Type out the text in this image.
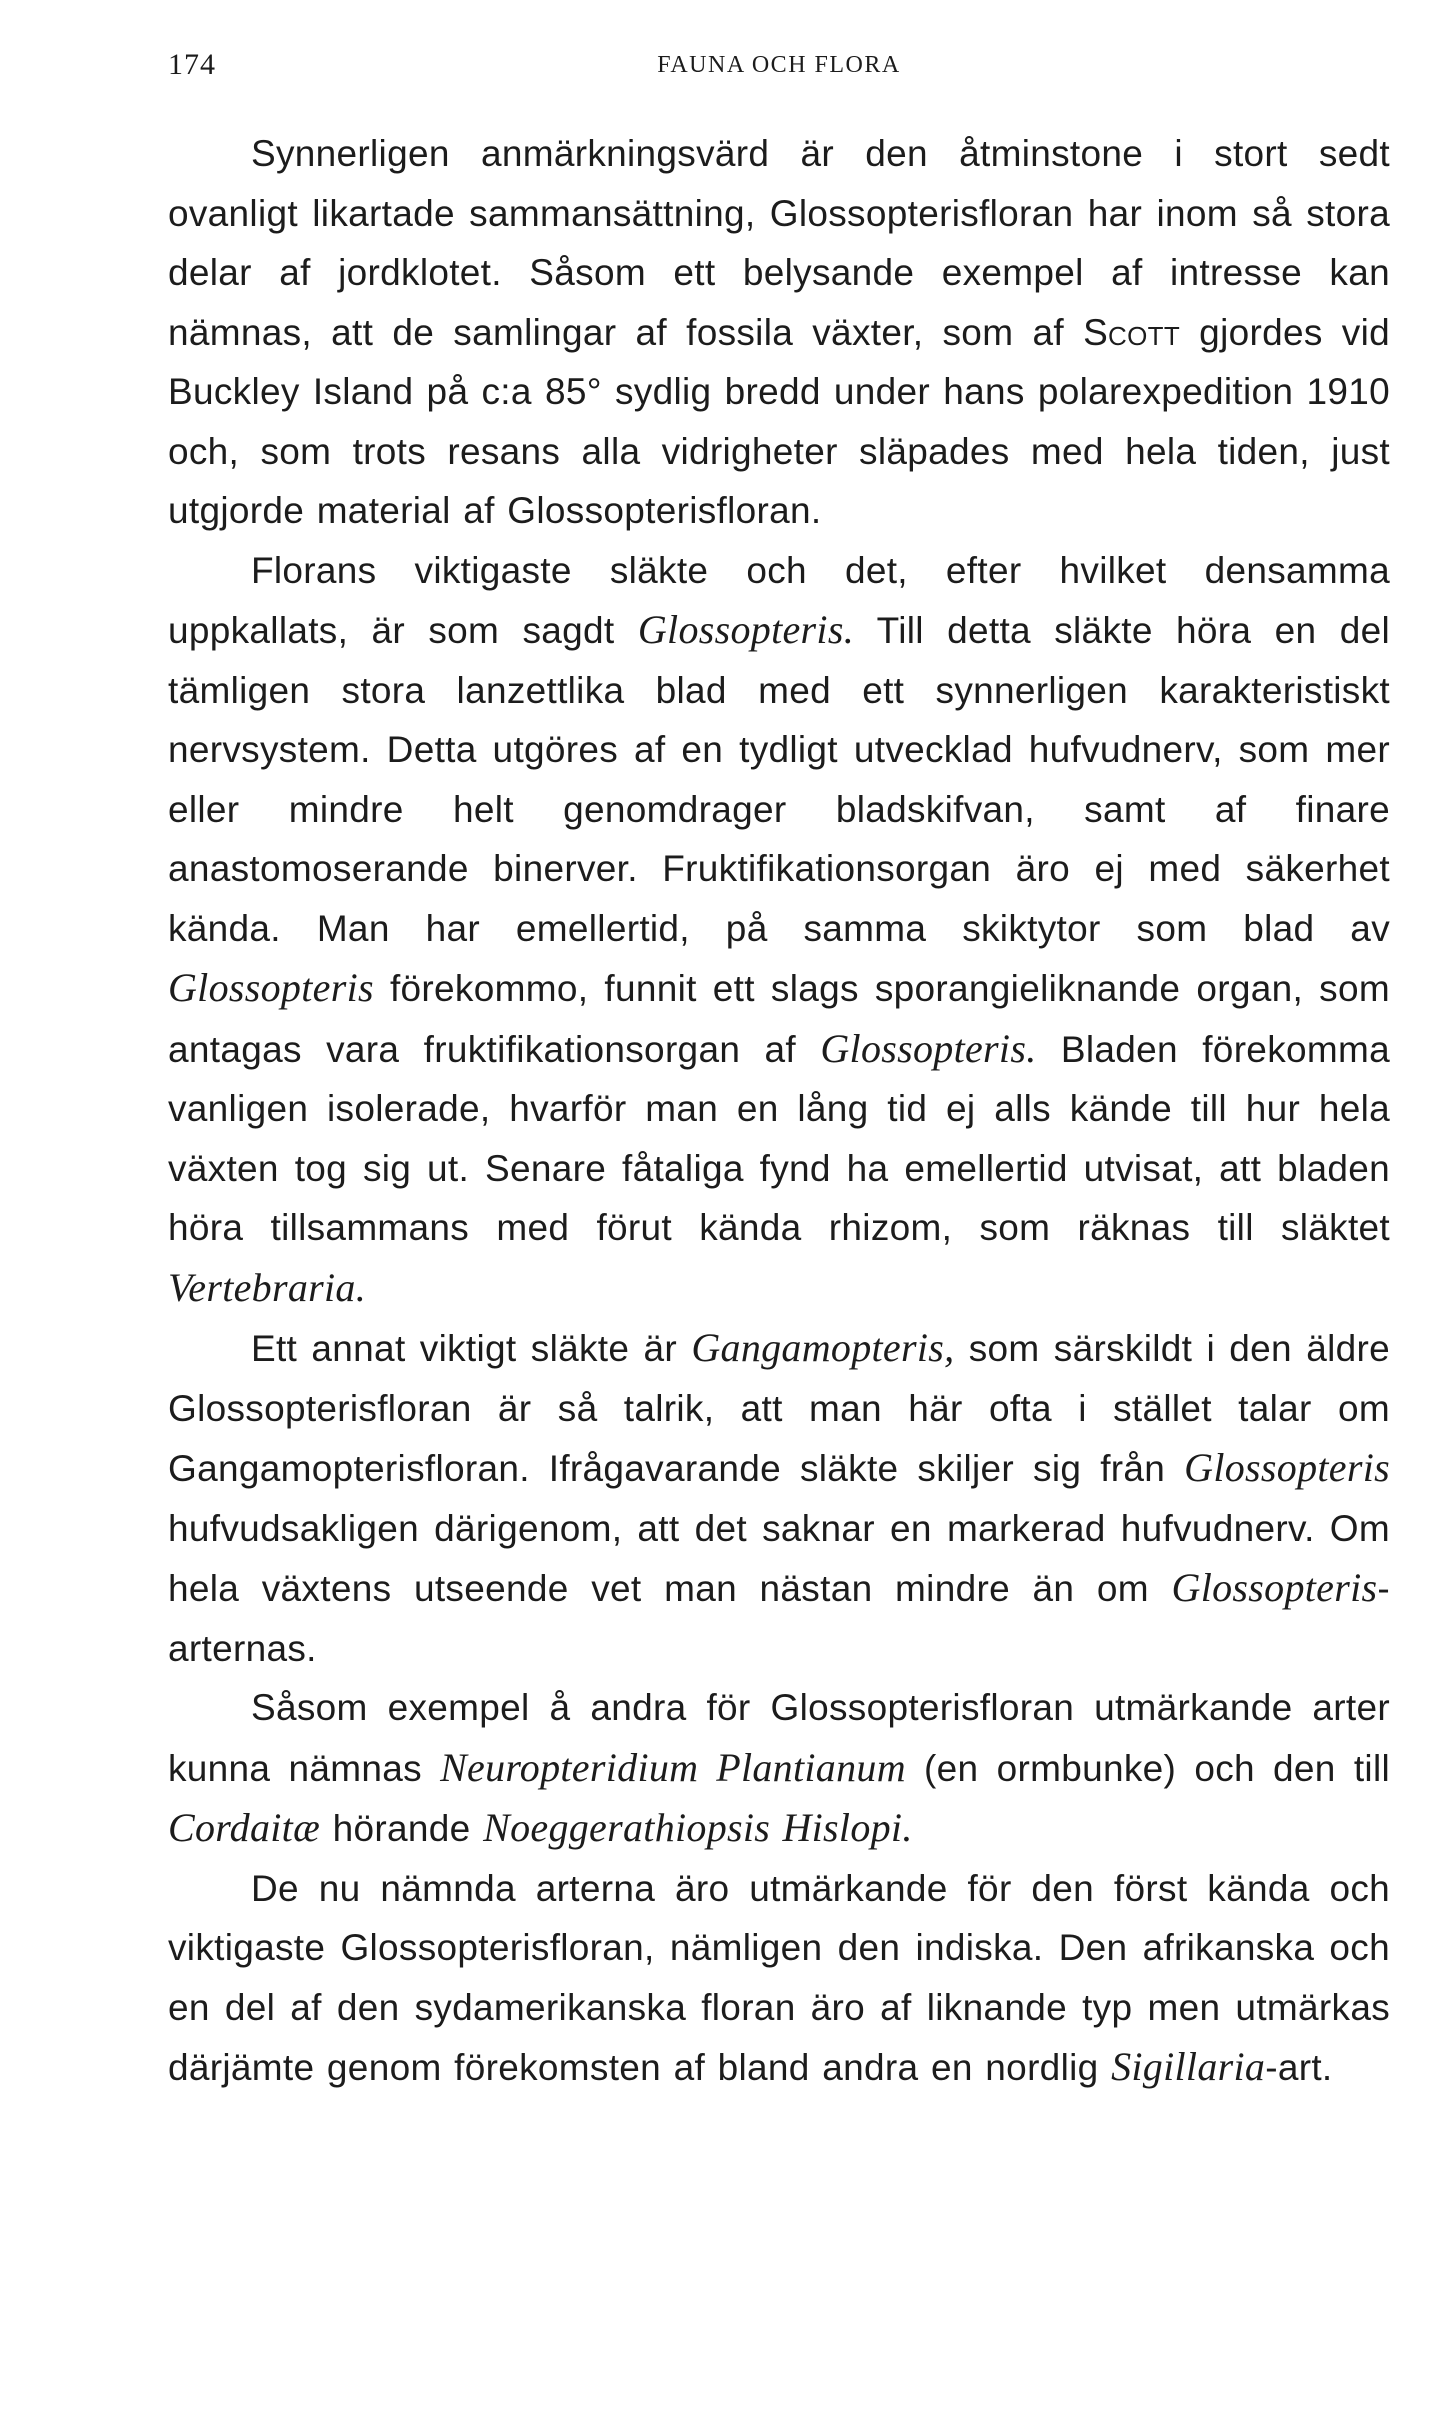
174	FAUNA OCH FLORA

Synnerligen anmärkningsvärd är den åtminstone i stort sedt ovanligt likartade sammansättning, Glossopterisfloran har inom så stora delar af jordklotet. Såsom ett belysande exempel af intresse kan nämnas, att de samlingar af fossila växter, som af Scott gjordes vid Buckley Island på c:a 85° sydlig bredd under hans polarexpedition 1910 och, som trots resans alla vidrigheter släpades med hela tiden, just utgjorde material af Glossopterisfloran.

Florans viktigaste släkte och det, efter hvilket densamma uppkallats, är som sagdt Glossopteris. Till detta släkte höra en del tämligen stora lanzettlika blad med ett synnerligen karakteristiskt nervsystem. Detta utgöres af en tydligt utvecklad hufvudnerv, som mer eller mindre helt genomdrager bladskifvan, samt af finare anastomoserande binerver. Fruktifikationsorgan äro ej med säkerhet kända. Man har emellertid, på samma skiktytor som blad av Glossopteris förekommo, funnit ett slags sporangieliknande organ, som antagas vara fruktifikationsorgan af Glossopteris. Bladen förekomma vanligen isolerade, hvarför man en lång tid ej alls kände till hur hela växten tog sig ut. Senare fåtaliga fynd ha emellertid utvisat, att bladen höra tillsammans med förut kända rhizom, som räknas till släktet Vertebraria.

Ett annat viktigt släkte är Gangamopteris, som särskildt i den äldre Glossopterisfloran är så talrik, att man här ofta i stället talar om Gangamopterisfloran. Ifrågavarande släkte skiljer sig från Glossopteris hufvudsakligen därigenom, att det saknar en markerad hufvudnerv. Om hela växtens utseende vet man nästan mindre än om Glossopteris-arternas.

Såsom exempel å andra för Glossopterisfloran utmärkande arter kunna nämnas Neuropteridium Plantianum (en ormbunke) och den till Cordaitæ hörande Noeggerathiopsis Hislopi.

De nu nämnda arterna äro utmärkande för den först kända och viktigaste Glossopterisfloran, nämligen den indiska. Den afrikanska och en del af den sydamerikanska floran äro af liknande typ men utmärkas därjämte genom förekomsten af bland andra en nordlig Sigillaria-art.
